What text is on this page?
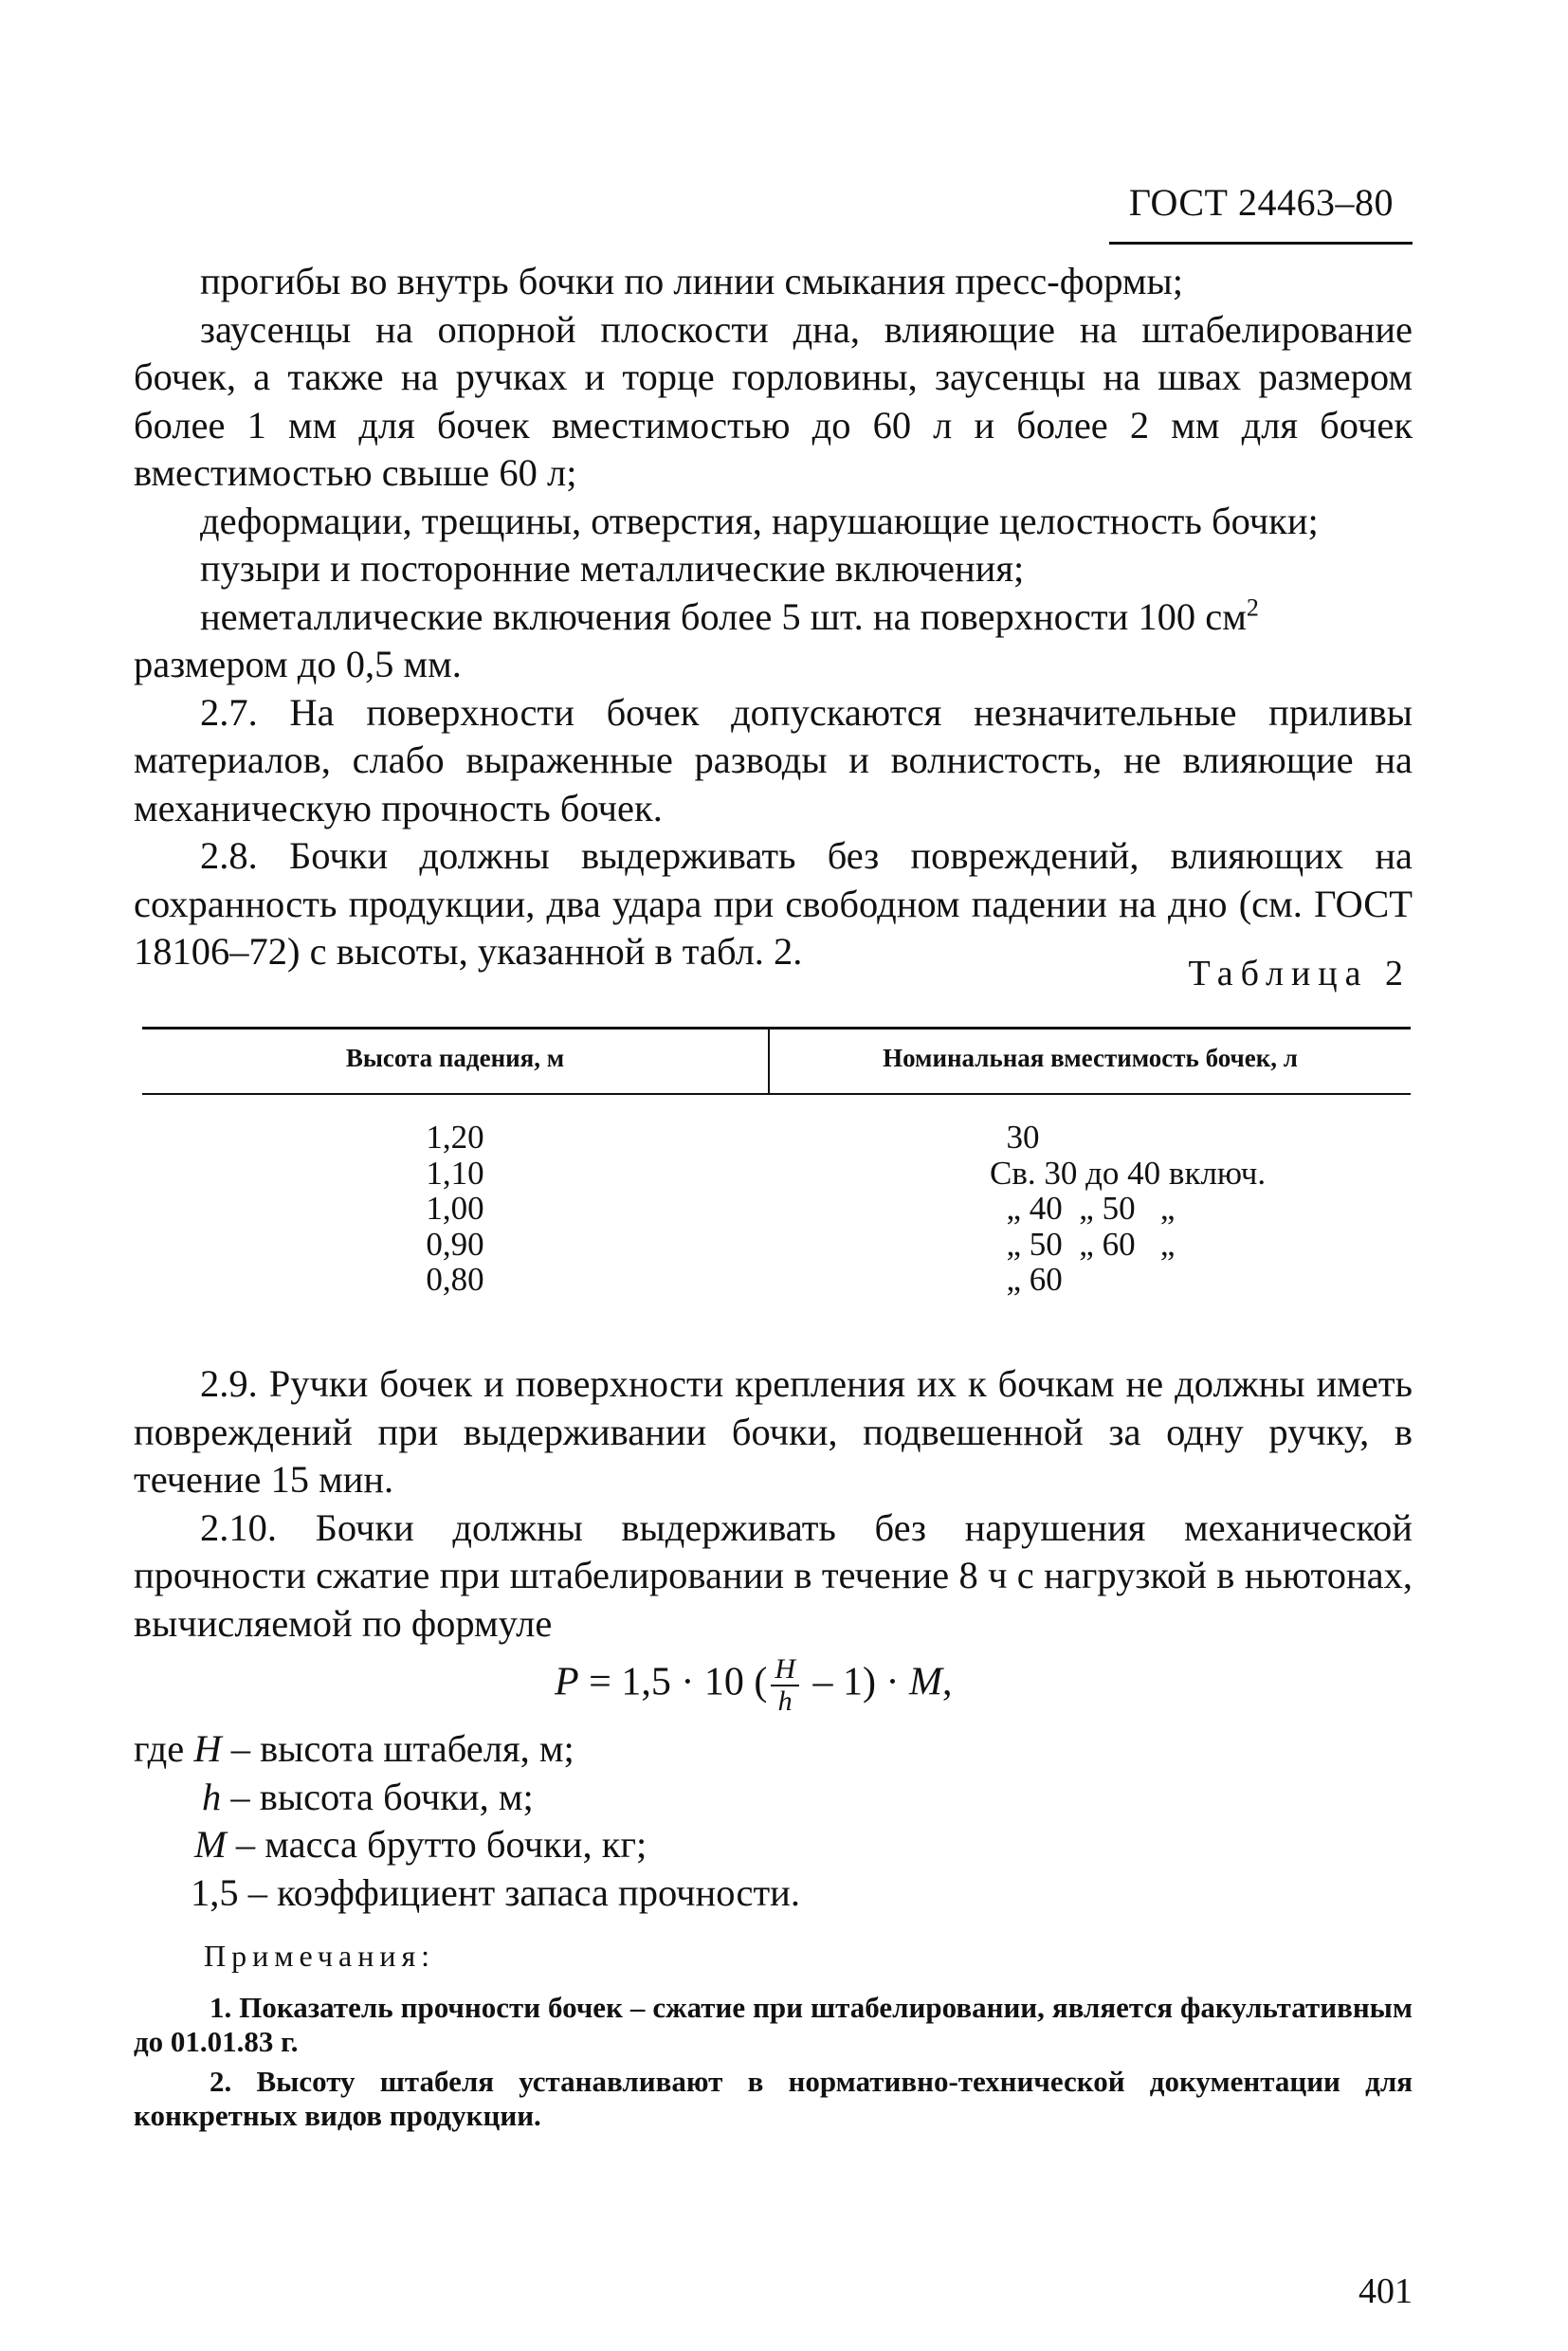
ГОСТ 24463–80

прогибы во внутрь бочки по линии смыкания пресс-формы;

заусенцы на опорной плоскости дна, влияющие на штабелирование бочек, а также на ручках и торце горловины, заусенцы на швах размером более 1 мм для бочек вместимостью до 60 л и более 2 мм для бочек вместимостью свыше 60 л;

деформации, трещины, отверстия, нарушающие целостность бочки;

пузыри и посторонние металлические включения;

неметаллические включения более 5 шт. на поверхности 100 $см^2$

размером до 0,5 мм.

2.7. На поверхности бочек допускаются незначительные приливы материалов, слабо выраженные разводы и волнистость, не влияющие на механическую прочность бочек.

2.8. Бочки должны выдерживать без повреждений, влияющих на сохранность продукции, два удара при свободном падении на дно (см. ГОСТ 18106–72) с высоты, указанной в табл. 2.

Таблица 2
Высота падения, м	Номинальная вместимость бочек, л
1,20
1,10
1,00
0,90
0,80
30
Св. 30 до 40 включ.
„ 40  „ 50   „
„ 50  „ 60   „
„ 60

2.9. Ручки бочек и поверхности крепления их к бочкам не должны иметь повреждений при выдерживании бочки, подвешенной за одну ручку, в течение 15 мин.

2.10. Бочки должны выдерживать без нарушения механической прочности сжатие при штабелировании в течение 8 ч с нагрузкой в ньютонах, вычисляемой по формуле

P = 1,5 · 10 ( $\frac{H}{h} - 1) \cdot M$,
где H – высота штабеля, м;
h – высота бочки, м;
M – масса брутто бочки, кг;
1,5 – коэффициент запаса прочности.
Примечания:

1. Показатель прочности бочек – сжатие при штабелировании, является факультативным до 01.01.83 г.

2. Высоту штабеля устанавливают в нормативно-технической документации для конкретных видов продукции.

401
